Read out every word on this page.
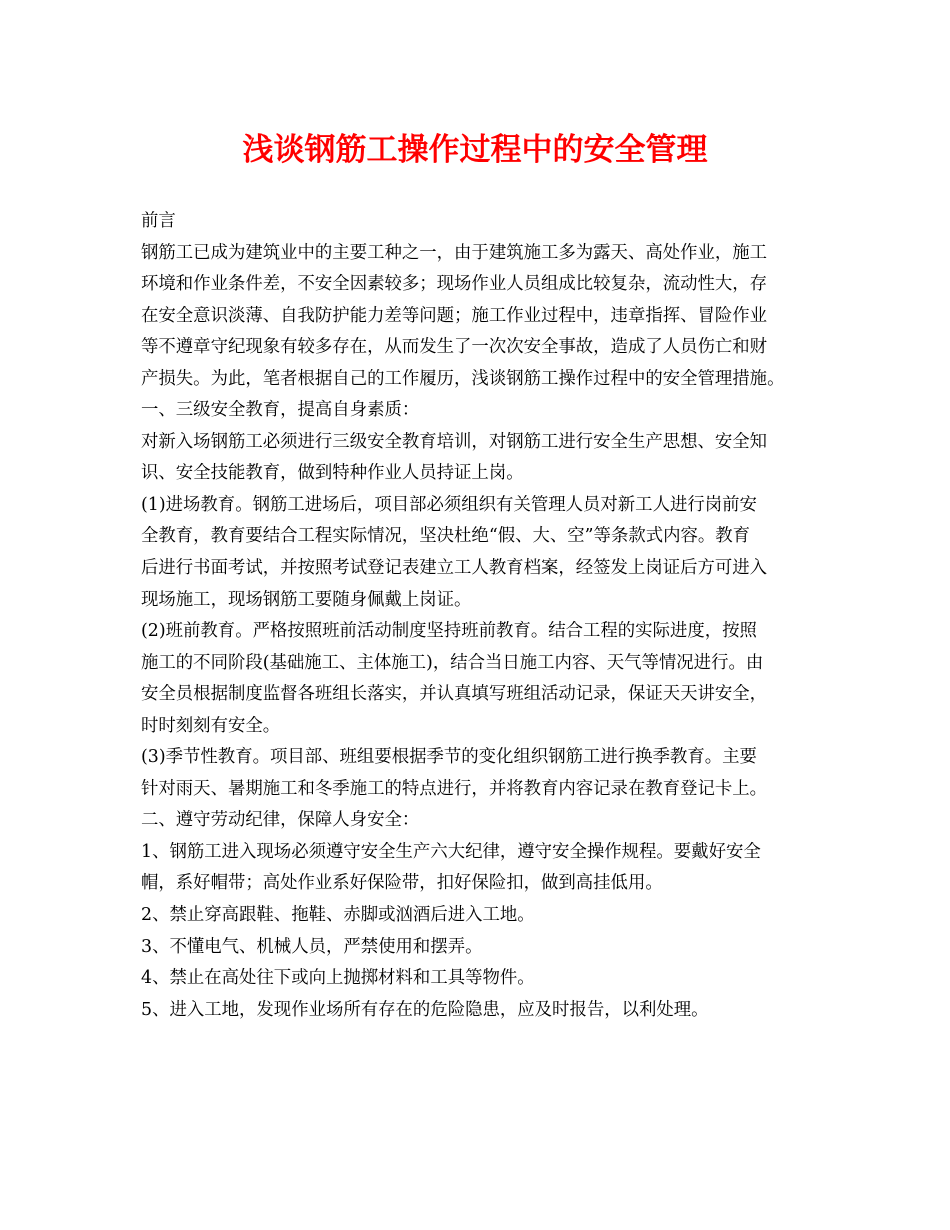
浅谈钢筋工操作过程中的安全管理
前言
钢筋工已成为建筑业中的主要工种之一，由于建筑施工多为露天、高处作业，施工
环境和作业条件差，不安全因素较多；现场作业人员组成比较复杂，流动性大，存
在安全意识淡薄、自我防护能力差等问题；施工作业过程中，违章指挥、冒险作业
等不遵章守纪现象有较多存在，从而发生了一次次安全事故，造成了人员伤亡和财
产损失。为此，笔者根据自己的工作履历，浅谈钢筋工操作过程中的安全管理措施。
一、三级安全教育，提高自身素质：
对新入场钢筋工必须进行三级安全教育培训，对钢筋工进行安全生产思想、安全知
识、安全技能教育，做到特种作业人员持证上岗。
(1)进场教育。钢筋工进场后，项目部必须组织有关管理人员对新工人进行岗前安
全教育，教育要结合工程实际情况，坚决杜绝“假、大、空”等条款式内容。教育
后进行书面考试，并按照考试登记表建立工人教育档案，经签发上岗证后方可进入
现场施工，现场钢筋工要随身佩戴上岗证。
(2)班前教育。严格按照班前活动制度坚持班前教育。结合工程的实际进度，按照
施工的不同阶段(基础施工、主体施工)，结合当日施工内容、天气等情况进行。由
安全员根据制度监督各班组长落实，并认真填写班组活动记录，保证天天讲安全，
时时刻刻有安全。
(3)季节性教育。项目部、班组要根据季节的变化组织钢筋工进行换季教育。主要
针对雨天、暑期施工和冬季施工的特点进行，并将教育内容记录在教育登记卡上。
二、遵守劳动纪律，保障人身安全：
1、钢筋工进入现场必须遵守安全生产六大纪律，遵守安全操作规程。要戴好安全
帽，系好帽带；高处作业系好保险带，扣好保险扣，做到高挂低用。
2、禁止穿高跟鞋、拖鞋、赤脚或汹酒后进入工地。
3、不懂电气、机械人员，严禁使用和摆弄。
4、禁止在高处往下或向上抛掷材料和工具等物件。
5、进入工地，发现作业场所有存在的危险隐患，应及时报告，以利处理。
